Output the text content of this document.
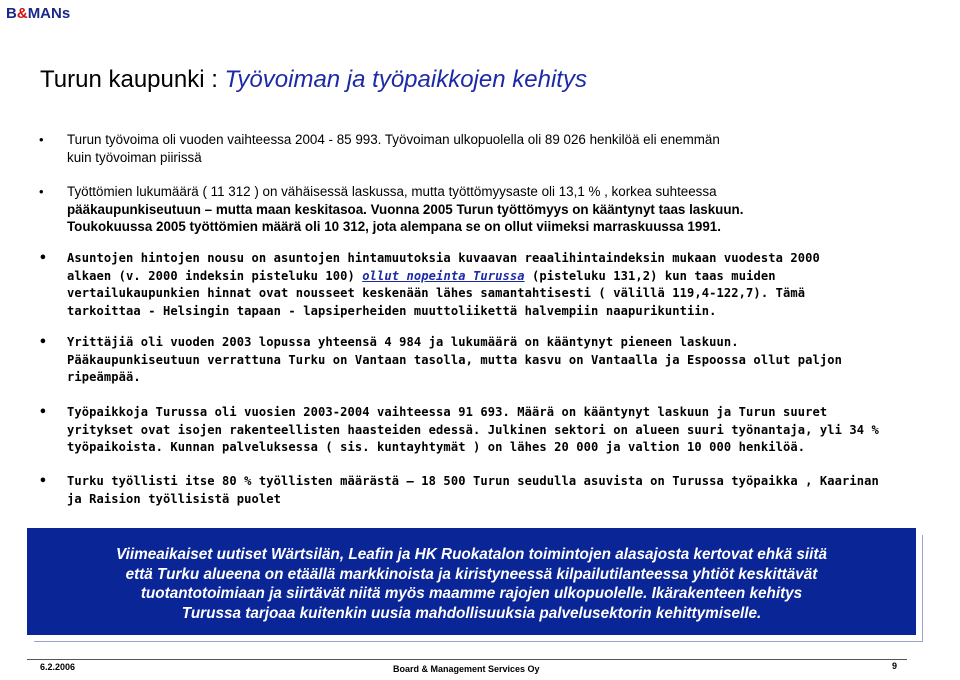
B&MANs
Turun kaupunki : Työvoiman ja työpaikkojen kehitys
• Turun työvoima oli vuoden vaihteessa 2004 - 85 993. Työvoiman ulkopuolella oli 89 026 henkilöä eli enemmän
kuin työvoiman piirissä
• Työttömien lukumäärä ( 11 312 ) on vähäisessä laskussa, mutta työttömyysaste oli 13,1 % , korkea suhteessa
pääkaupunkiseutuun – mutta maan keskitasoa. Vuonna 2005 Turun työttömyys on kääntynyt taas laskuun.
Toukokuussa 2005 työttömien määrä oli 10 312, jota alempana se on ollut viimeksi marraskuussa 1991.
• Asuntojen hintojen nousu on asuntojen hintamuutoksia kuvaavan reaalihintaindeksin mukaan vuodesta 2000
alkaen (v. 2000 indeksin pisteluku 100) ollut nopeinta Turussa (pisteluku 131,2) kun taas muiden
vertailukaupunkien hinnat ovat nousseet keskenään lähes samantahtisesti ( välillä 119,4-122,7). Tämä
tarkoittaa - Helsingin tapaan - lapsiperheiden muuttoliikettä halvempiin naapurikuntiin.
• Yrittäjiä oli vuoden 2003 lopussa yhteensä 4 984 ja lukumäärä on kääntynyt pieneen laskuun.
Pääkaupunkiseutuun verrattuna Turku on Vantaan tasolla, mutta kasvu on Vantaalla ja Espoossa ollut paljon
ripeämpää.
• Työpaikkoja Turussa oli vuosien 2003-2004 vaihteessa 91 693. Määrä on kääntynyt laskuun ja Turun suuret
yritykset ovat isojen rakenteellisten haasteiden edessä. Julkinen sektori on alueen suuri työnantaja, yli 34 %
työpaikoista. Kunnan palveluksessa ( sis. kuntayhtymät ) on lähes 20 000 ja valtion 10 000 henkilöä.
• Turku työllisti itse 80 % työllisten määrästä – 18 500 Turun seudulla asuvista on Turussa työpaikka , Kaarinan
ja Raision työllisistä puolet
Viimeaikaiset uutiset Wärtsilän, Leafin ja HK Ruokatalon toimintojen alasajosta kertovat ehkä siitä
että Turku alueena on etäällä markkinoista ja kiristyneessä kilpailutilanteessa yhtiöt keskittävät
tuotantotoimiaan ja siirtävät niitä myös maamme rajojen ulkopuolelle. Ikärakenteen kehitys
Turussa tarjoaa kuitenkin uusia mahdollisuuksia palvelusektorin kehittymiselle.
6.2.2006	Board & Management Services Oy	9
